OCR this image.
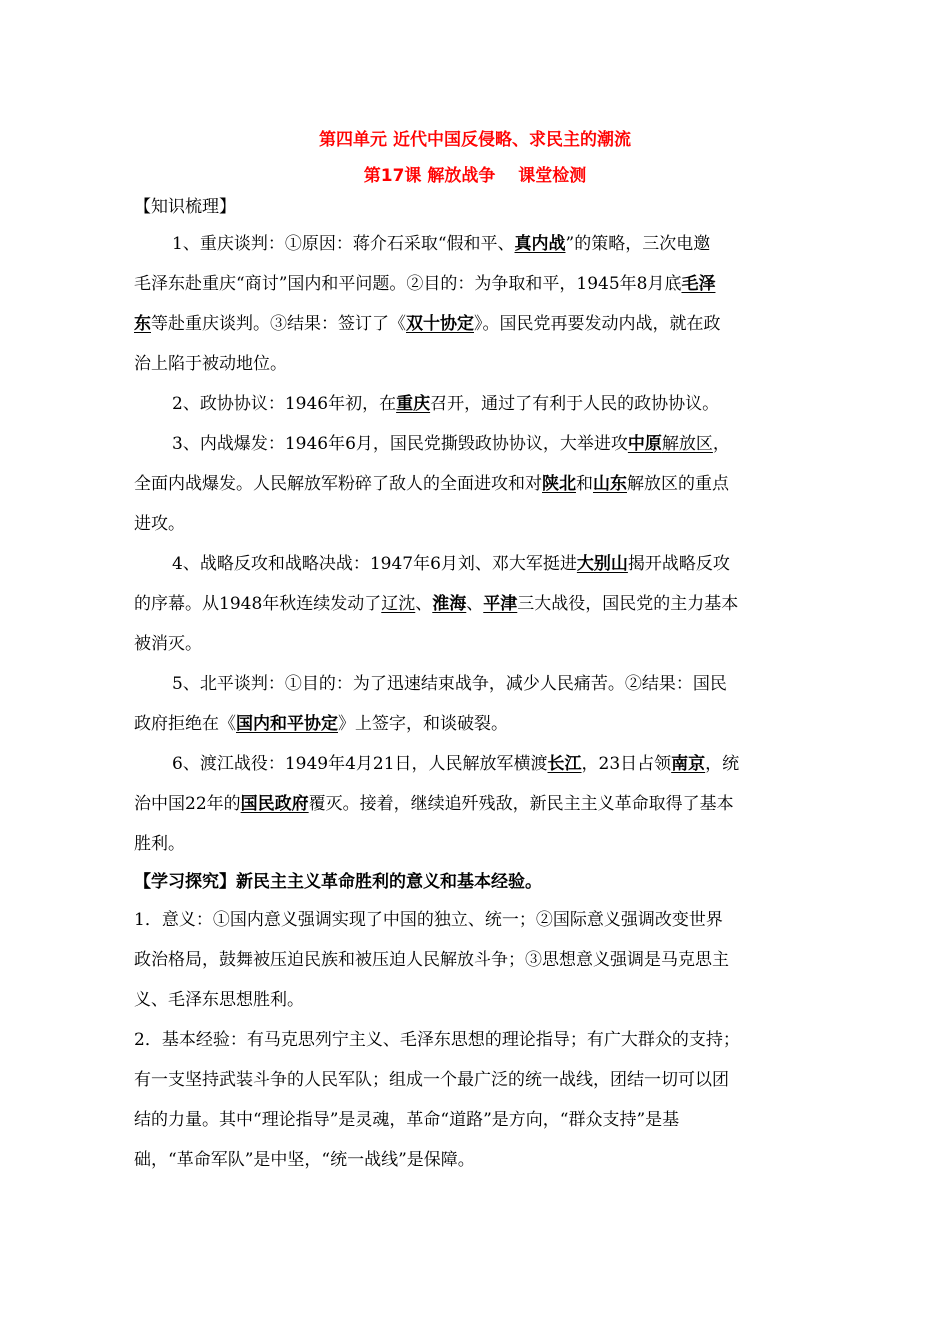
第四单元 近代中国反侵略、求民主的潮流
第17课 解放战争　 课堂检测
【知识梳理】
1、重庆谈判：①原因：蒋介石采取“假和平、真内战”的策略，三次电邀
毛泽东赴重庆“商讨”国内和平问题。②目的：为争取和平，1945年8月底毛泽
东等赴重庆谈判。③结果：签订了《双十协定》。国民党再要发动内战，就在政
治上陷于被动地位。
2、政协协议：1946年初，在重庆召开，通过了有利于人民的政协协议。
3、内战爆发：1946年6月，国民党撕毁政协协议，大举进攻中原解放区，
全面内战爆发。人民解放军粉碎了敌人的全面进攻和对陕北和山东解放区的重点
进攻。
4、战略反攻和战略决战：1947年6月刘、邓大军挺进大别山揭开战略反攻
的序幕。从1948年秋连续发动了辽沈、淮海、平津三大战役，国民党的主力基本
被消灭。
5、北平谈判：①目的：为了迅速结束战争，减少人民痛苦。②结果：国民
政府拒绝在《国内和平协定》上签字，和谈破裂。
6、渡江战役：1949年4月21日，人民解放军横渡长江，23日占领南京，统
治中国22年的国民政府覆灭。接着，继续追歼残敌，新民主主义革命取得了基本
胜利。
【学习探究】新民主主义革命胜利的意义和基本经验。
1．意义：①国内意义强调实现了中国的独立、统一；②国际意义强调改变世界
政治格局，鼓舞被压迫民族和被压迫人民解放斗争；③思想意义强调是马克思主
义、毛泽东思想胜利。
2．基本经验：有马克思列宁主义、毛泽东思想的理论指导；有广大群众的支持；
有一支坚持武装斗争的人民军队；组成一个最广泛的统一战线，团结一切可以团
结的力量。其中“理论指导”是灵魂，革命“道路”是方向，“群众支持”是基
础，“革命军队”是中坚，“统一战线”是保障。
